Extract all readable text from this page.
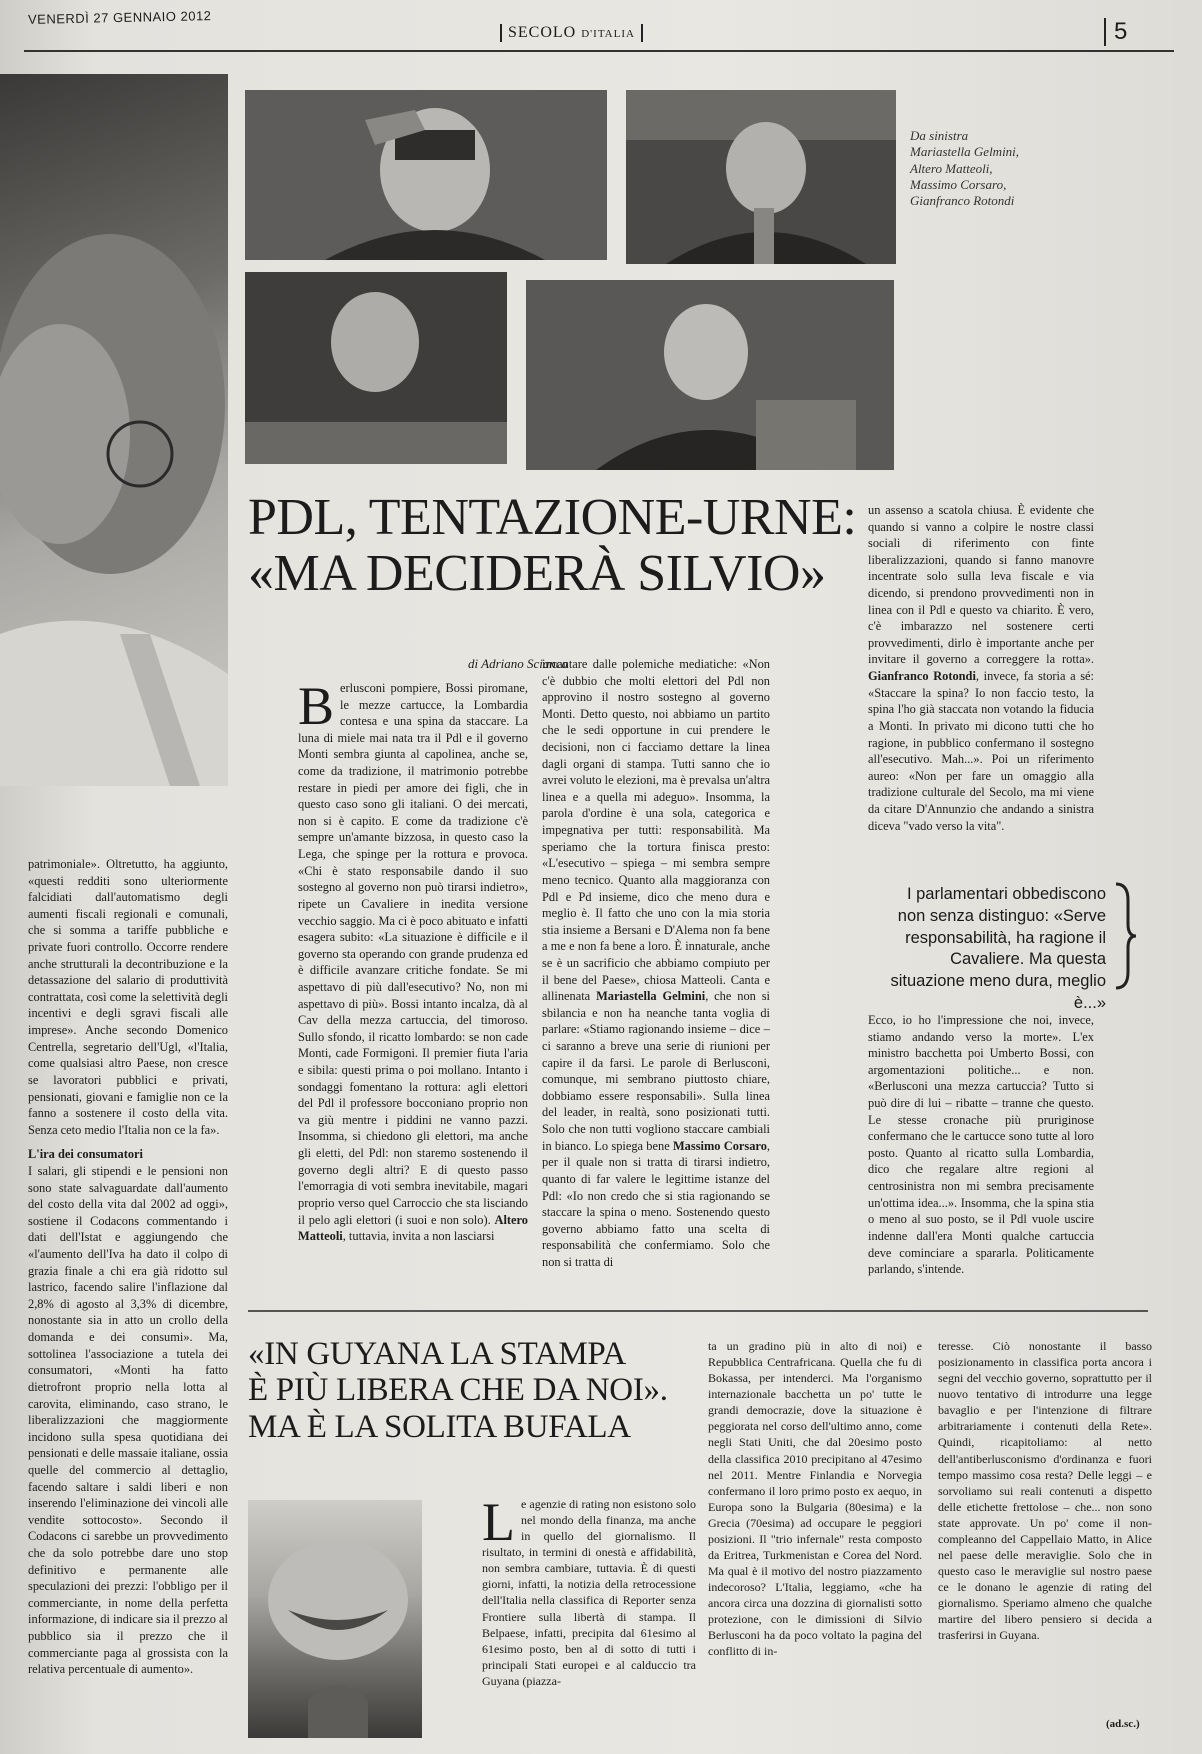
VENERDÌ 27 GENNAIO 2012
SECOLO D'ITALIA	5
Da sinistra
Mariastella Gelmini,
Altero Matteoli,
Massimo Corsaro,
Gianfranco Rotondi
PDL, TENTAZIONE-URNE:
«MA DECIDERÀ SILVIO»
di Adriano Scianca

Berlusconi pompiere, Bossi piromane, le mezze cartucce, la Lombardia contesa e una spina da staccare. La luna di miele mai nata tra il Pdl e il governo Monti sembra giunta al capolinea, anche se, come da tradizione, il matrimonio potrebbe restare in piedi per amore dei figli, che in questo caso sono gli italiani. O dei mercati, non si è capito. E come da tradizione c'è sempre un'amante bizzosa, in questo caso la Lega, che spinge per la rottura e provoca. «Chi è stato responsabile dando il suo sostegno al governo non può tirarsi indietro», ripete un Cavaliere in inedita versione vecchio saggio. Ma ci è poco abituato e infatti esagera subito: «La situazione è difficile e il governo sta operando con grande prudenza ed è difficile avanzare critiche fondate. Se mi aspettavo di più dall'esecutivo? No, non mi aspettavo di più». Bossi intanto incalza, dà al Cav della mezza cartuccia, del timoroso. Sullo sfondo, il ricatto lombardo: se non cade Monti, cade Formigoni. Il premier fiuta l'aria e sibila: questi prima o poi mollano. Intanto i sondaggi fomentano la rottura: agli elettori del Pdl il professore bocconiano proprio non va giù mentre i piddini ne vanno pazzi. Insomma, si chiedono gli elettori, ma anche gli eletti, del Pdl: non staremo sostenendo il governo degli altri? E di questo passo l'emorragia di voti sembra inevitabile, magari proprio verso quel Carroccio che sta lisciando il pelo agli elettori (i suoi e non solo). Altero Matteoli, tuttavia, invita a non lasciarsi

incantare dalle polemiche mediatiche: «Non c'è dubbio che molti elettori del Pdl non approvino il nostro sostegno al governo Monti. Detto questo, noi abbiamo un partito che le sedi opportune in cui prendere le decisioni, non ci facciamo dettare la linea dagli organi di stampa. Tutti sanno che io avrei voluto le elezioni, ma è prevalsa un'altra linea e a quella mi adeguo». Insomma, la parola d'ordine è una sola, categorica e impegnativa per tutti: responsabilità. Ma speriamo che la tortura finisca presto: «L'esecutivo – spiega – mi sembra sempre meno tecnico. Quanto alla maggioranza con Pdl e Pd insieme, dico che meno dura e meglio è. Il fatto che uno con la mia storia stia insieme a Bersani e D'Alema non fa bene a me e non fa bene a loro. È innaturale, anche se è un sacrificio che abbiamo compiuto per il bene del Paese», chiosa Matteoli. Canta e allinenata Mariastella Gelmini, che non si sbilancia e non ha neanche tanta voglia di parlare: «Stiamo ragionando insieme – dice – ci saranno a breve una serie di riunioni per capire il da farsi. Le parole di Berlusconi, comunque, mi sembrano piuttosto chiare, dobbiamo essere responsabili». Sulla linea del leader, in realtà, sono posizionati tutti. Solo che non tutti vogliono staccare cambiali in bianco. Lo spiega bene Massimo Corsaro, per il quale non si tratta di tirarsi indietro, quanto di far valere le legittime istanze del Pdl: «Io non credo che si stia ragionando se staccare la spina o meno. Sostenendo questo governo abbiamo fatto una scelta di responsabilità che confermiamo. Solo che non si tratta di

un assenso a scatola chiusa. È evidente che quando si vanno a colpire le nostre classi sociali di riferimento con finte liberalizzazioni, quando si fanno manovre incentrate solo sulla leva fiscale e via dicendo, si prendono provvedimenti non in linea con il Pdl e questo va chiarito. È vero, c'è imbarazzo nel sostenere certi provvedimenti, dirlo è importante anche per invitare il governo a correggere la rotta». Gianfranco Rotondi, invece, fa storia a sé: «Staccare la spina? Io non faccio testo, la spina l'ho già staccata non votando la fiducia a Monti. In privato mi dicono tutti che ho ragione, in pubblico confermano il sostegno all'esecutivo. Mah...». Poi un riferimento aureo: «Non per fare un omaggio alla tradizione culturale del Secolo, ma mi viene da citare D'Annunzio che andando a sinistra diceva "vado verso la vita".

I parlamentari obbediscono non senza distinguo: «Serve responsabilità, ha ragione il Cavaliere. Ma questa situazione meno dura, meglio è...»

Ecco, io ho l'impressione che noi, invece, stiamo andando verso la morte». L'ex ministro bacchetta poi Umberto Bossi, con argomentazioni politiche... e non. «Berlusconi una mezza cartuccia? Tutto si può dire di lui – ribatte – tranne che questo. Le stesse cronache più pruriginose confermano che le cartucce sono tutte al loro posto. Quanto al ricatto sulla Lombardia, dico che regalare altre regioni al centrosinistra non mi sembra precisamente un'ottima idea...». Insomma, che la spina stia o meno al suo posto, se il Pdl vuole uscire indenne dall'era Monti qualche cartuccia deve cominciare a spararla. Politicamente parlando, s'intende.

patrimoniale». Oltretutto, ha aggiunto, «questi redditi sono ulteriormente falcidiati dall'automatismo degli aumenti fiscali regionali e comunali, che si somma a tariffe pubbliche e private fuori controllo. Occorre rendere anche strutturali la decontribuzione e la detassazione del salario di produttività contrattata, così come la selettività degli incentivi e degli sgravi fiscali alle imprese». Anche secondo Domenico Centrella, segretario dell'Ugl, «l'Italia, come qualsiasi altro Paese, non cresce se lavoratori pubblici e privati, pensionati, giovani e famiglie non ce la fanno a sostenere il costo della vita. Senza ceto medio l'Italia non ce la fa».

L'ira dei consumatori

I salari, gli stipendi e le pensioni non sono state salvaguardate dall'aumento del costo della vita dal 2002 ad oggi», sostiene il Codacons commentando i dati dell'Istat e aggiungendo che «l'aumento dell'Iva ha dato il colpo di grazia finale a chi era già ridotto sul lastrico, facendo salire l'inflazione dal 2,8% di agosto al 3,3% di dicembre, nonostante sia in atto un crollo della domanda e dei consumi». Ma, sottolinea l'associazione a tutela dei consumatori, «Monti ha fatto dietrofront proprio nella lotta al carovita, eliminando, caso strano, le liberalizzazioni che maggiormente incidono sulla spesa quotidiana dei pensionati e delle massaie italiane, ossia quelle del commercio al dettaglio, facendo saltare i saldi liberi e non inserendo l'eliminazione dei vincoli alle vendite sottocosto». Secondo il Codacons ci sarebbe un provvedimento che da solo potrebbe dare uno stop definitivo e permanente alle speculazioni dei prezzi: l'obbligo per il commerciante, in nome della perfetta informazione, di indicare sia il prezzo al pubblico sia il prezzo che il commerciante paga al grossista con la relativa percentuale di aumento».

«IN GUYANA LA STAMPA
È PIÙ LIBERA CHE DA NOI».
MA È LA SOLITA BUFALA

Le agenzie di rating non esistono solo nel mondo della finanza, ma anche in quello del giornalismo. Il risultato, in termini di onestà e affidabilità, non sembra cambiare, tuttavia. È di questi giorni, infatti, la notizia della retrocessione dell'Italia nella classifica di Reporter senza Frontiere sulla libertà di stampa. Il Belpaese, infatti, precipita dal 61esimo al 61esimo posto, ben al di sotto di tutti i principali Stati europei e al calduccio tra Guyana (piazza-

ta un gradino più in alto di noi) e Repubblica Centrafricana. Quella che fu di Bokassa, per intenderci. Ma l'organismo internazionale bacchetta un po' tutte le grandi democrazie, dove la situazione è peggiorata nel corso dell'ultimo anno, come negli Stati Uniti, che dal 20esimo posto della classifica 2010 precipitano al 47esimo nel 2011. Mentre Finlandia e Norvegia confermano il loro primo posto ex aequo, in Europa sono la Bulgaria (80esima) e la Grecia (70esima) ad occupare le peggiori posizioni. Il "trio infernale" resta composto da Eritrea, Turkmenistan e Corea del Nord. Ma qual è il motivo del nostro piazzamento indecoroso? L'Italia, leggiamo, «che ha ancora circa una dozzina di giornalisti sotto protezione, con le dimissioni di Silvio Berlusconi ha da poco voltato la pagina del conflitto di in-

teresse. Ciò nonostante il basso posizionamento in classifica porta ancora i segni del vecchio governo, soprattutto per il nuovo tentativo di introdurre una legge bavaglio e per l'intenzione di filtrare arbitrariamente i contenuti della Rete». Quindi, ricapitoliamo: al netto dell'antiberlusconismo d'ordinanza e fuori tempo massimo cosa resta? Delle leggi – e sorvoliamo sui reali contenuti a dispetto delle etichette frettolose – che... non sono state approvate. Un po' come il non-compleanno del Cappellaio Matto, in Alice nel paese delle meraviglie. Solo che in questo caso le meraviglie sul nostro paese ce le donano le agenzie di rating del giornalismo. Speriamo almeno che qualche martire del libero pensiero si decida a trasferirsi in Guyana.

(ad.sc.)
